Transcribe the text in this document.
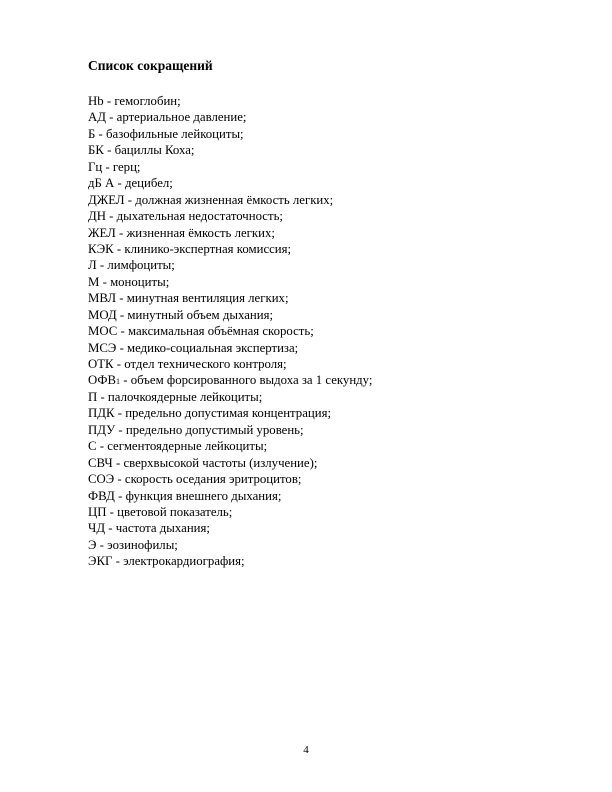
Список сокращений
Hb - гемоглобин;
АД - артериальное давление;
Б - базофильные лейкоциты;
БК - бациллы Коха;
Гц - герц;
дБ А - децибел;
ДЖЕЛ - должная жизненная ёмкость легких;
ДН - дыхательная недостаточность;
ЖЕЛ - жизненная ёмкость легких;
КЭК - клинико-экспертная комиссия;
Л - лимфоциты;
М - моноциты;
МВЛ - минутная вентиляция легких;
МОД - минутный объем дыхания;
МОС - максимальная объёмная скорость;
МСЭ - медико-социальная экспертиза;
ОТК - отдел технического контроля;
ОФВ1 - объем форсированного выдоха за 1 секунду;
П - палочкоядерные лейкоциты;
ПДК - предельно допустимая концентрация;
ПДУ - предельно допустимый уровень;
С - сегментоядерные лейкоциты;
СВЧ - сверхвысокой частоты (излучение);
СОЭ - скорость оседания эритроцитов;
ФВД - функция внешнего дыхания;
ЦП - цветовой показатель;
ЧД - частота дыхания;
Э - эозинофилы;
ЭКГ - электрокардиография;
4
